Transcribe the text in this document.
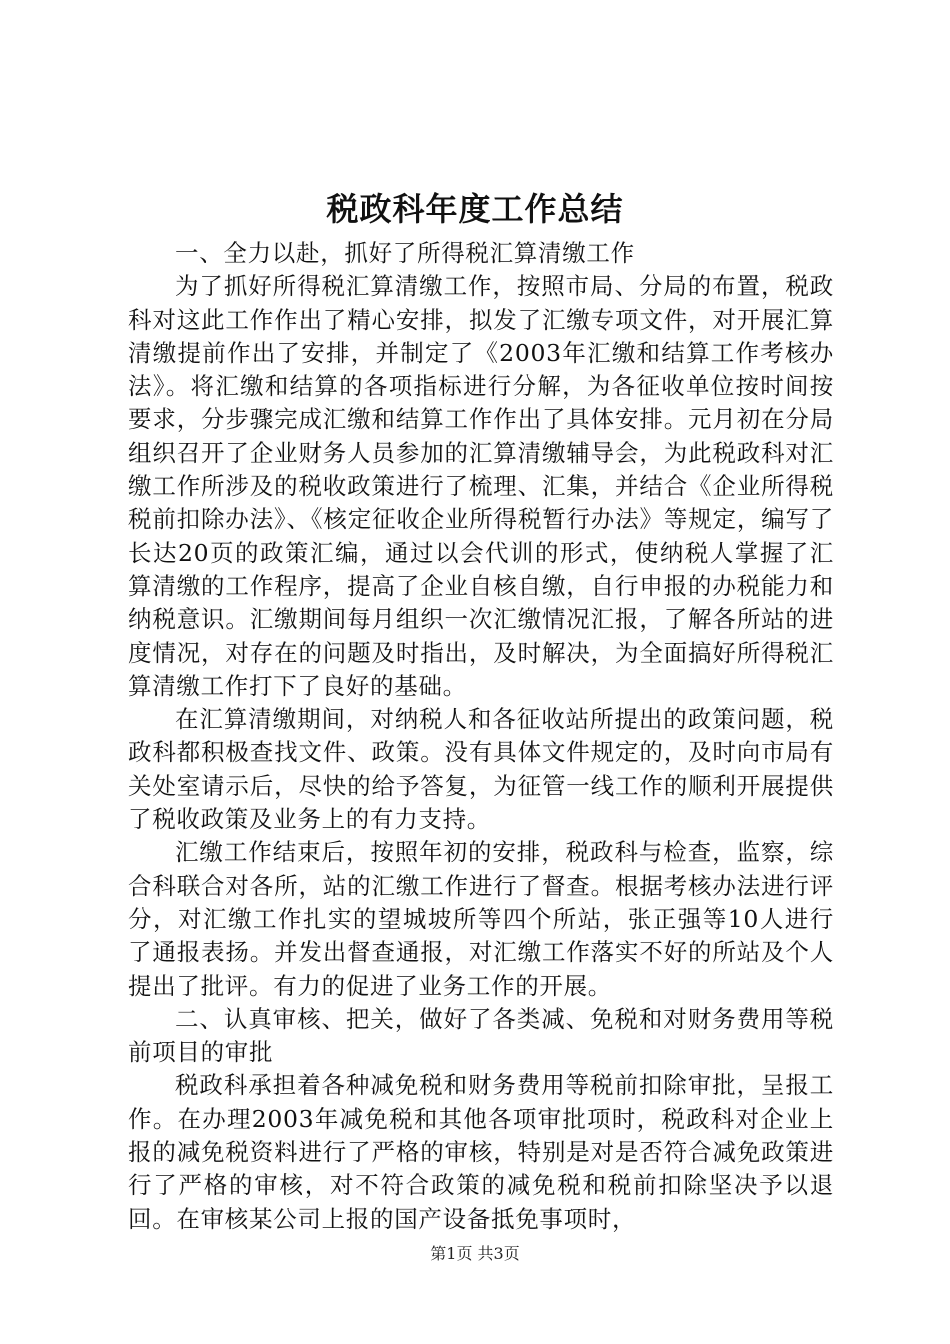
税政科年度工作总结

一、全力以赴，抓好了所得税汇算清缴工作

为了抓好所得税汇算清缴工作，按照市局、分局的布置，税政科对这此工作作出了精心安排，拟发了汇缴专项文件，对开展汇算清缴提前作出了安排，并制定了《2003年汇缴和结算工作考核办法》。将汇缴和结算的各项指标进行分解，为各征收单位按时间按要求，分步骤完成汇缴和结算工作作出了具体安排。元月初在分局组织召开了企业财务人员参加的汇算清缴辅导会，为此税政科对汇缴工作所涉及的税收政策进行了梳理、汇集，并结合《企业所得税税前扣除办法》、《核定征收企业所得税暂行办法》等规定，编写了长达20页的政策汇编，通过以会代训的形式，使纳税人掌握了汇算清缴的工作程序，提高了企业自核自缴，自行申报的办税能力和纳税意识。汇缴期间每月组织一次汇缴情况汇报，了解各所站的进度情况，对存在的问题及时指出，及时解决，为全面搞好所得税汇算清缴工作打下了良好的基础。

在汇算清缴期间，对纳税人和各征收站所提出的政策问题，税政科都积极查找文件、政策。没有具体文件规定的，及时向市局有关处室请示后，尽快的给予答复，为征管一线工作的顺利开展提供了税收政策及业务上的有力支持。

汇缴工作结束后，按照年初的安排，税政科与检查，监察，综合科联合对各所，站的汇缴工作进行了督查。根据考核办法进行评分，对汇缴工作扎实的望城坡所等四个所站，张正强等10人进行了通报表扬。并发出督查通报，对汇缴工作落实不好的所站及个人提出了批评。有力的促进了业务工作的开展。

二、认真审核、把关，做好了各类减、免税和对财务费用等税前项目的审批

税政科承担着各种减免税和财务费用等税前扣除审批，呈报工作。在办理2003年减免税和其他各项审批项时，税政科对企业上报的减免税资料进行了严格的审核，特别是对是否符合减免政策进行了严格的审核，对不符合政策的减免税和税前扣除坚决予以退回。在审核某公司上报的国产设备抵免事项时，

第1页 共3页
